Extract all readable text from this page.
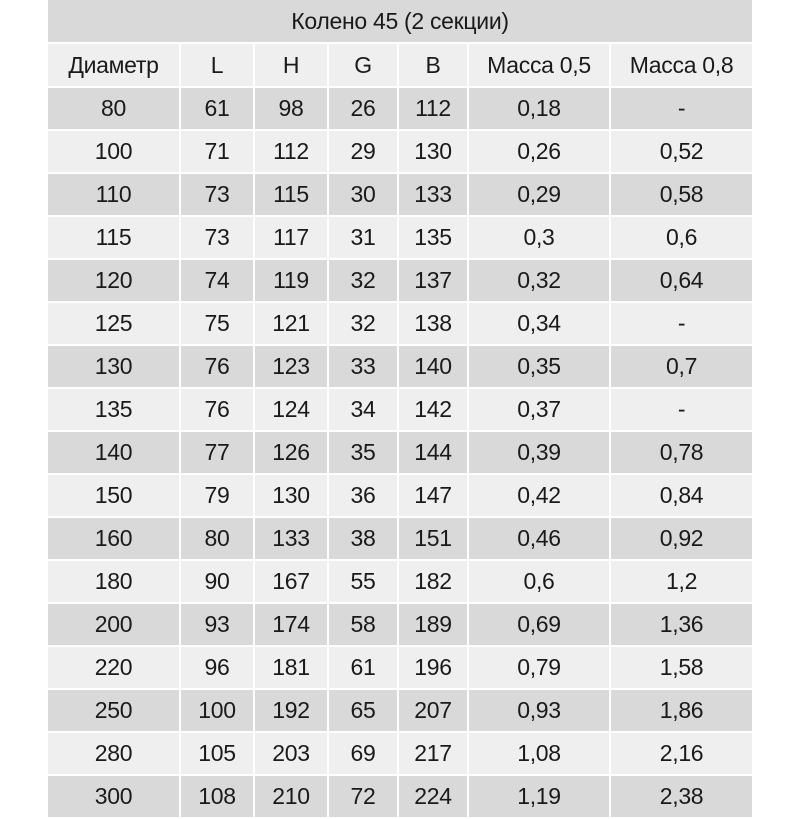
Колено 45 (2 секции)						
Диаметр	L	H	G	B	Масса 0,5	Масса 0,8
80	61	98	26	112	0,18	-
100	71	112	29	130	0,26	0,52
110	73	115	30	133	0,29	0,58
115	73	117	31	135	0,3	0,6
120	74	119	32	137	0,32	0,64
125	75	121	32	138	0,34	-
130	76	123	33	140	0,35	0,7
135	76	124	34	142	0,37	-
140	77	126	35	144	0,39	0,78
150	79	130	36	147	0,42	0,84
160	80	133	38	151	0,46	0,92
180	90	167	55	182	0,6	1,2
200	93	174	58	189	0,69	1,36
220	96	181	61	196	0,79	1,58
250	100	192	65	207	0,93	1,86
280	105	203	69	217	1,08	2,16
300	108	210	72	224	1,19	2,38
